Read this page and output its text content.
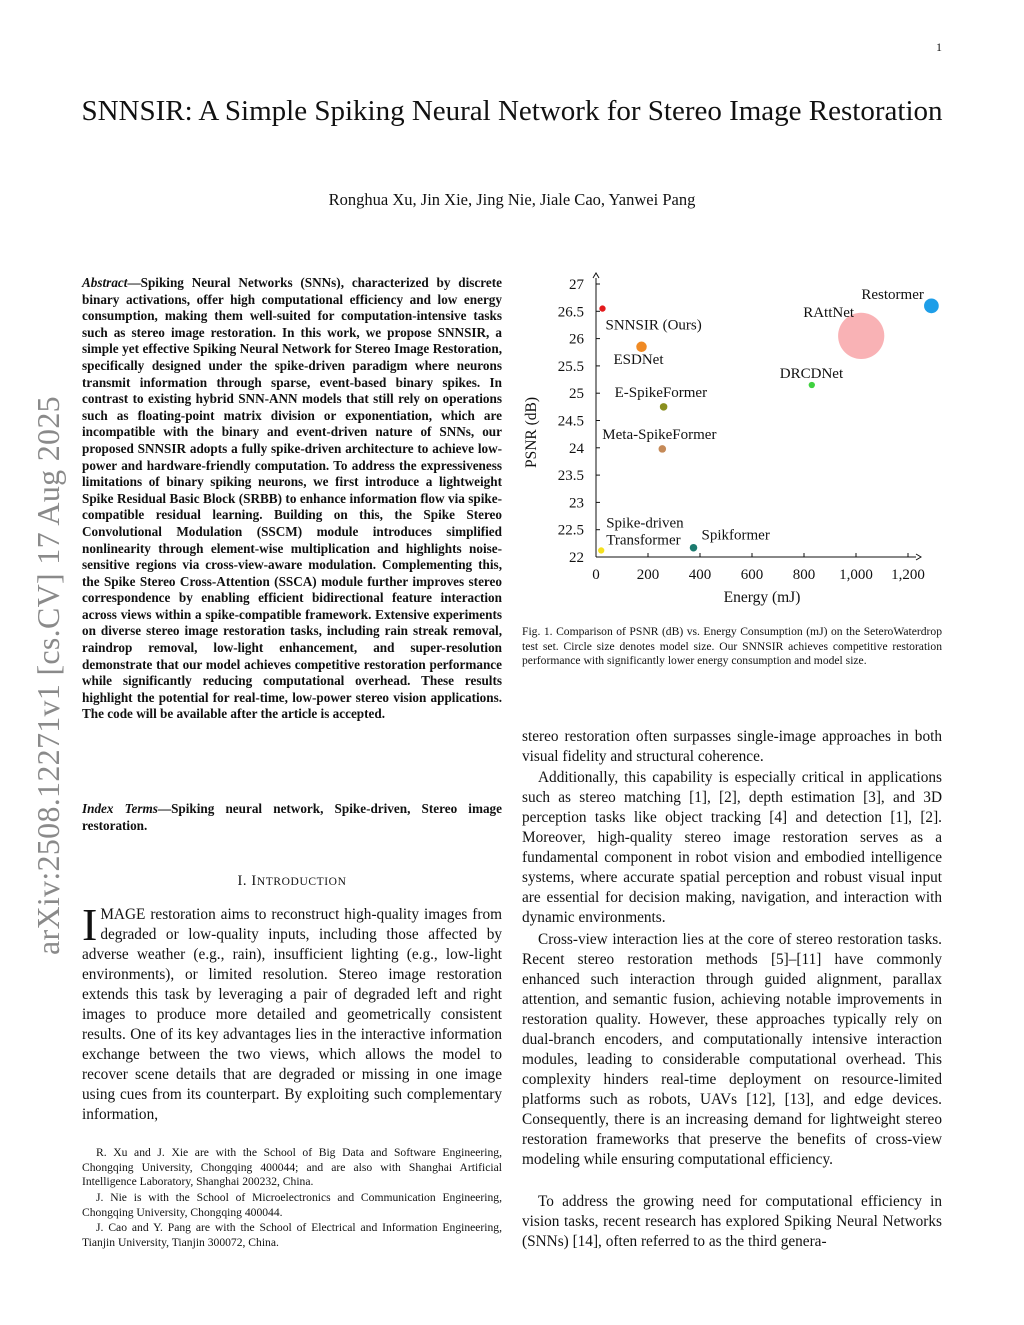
1
arXiv:2508.12271v1 [cs.CV] 17 Aug 2025
SNNSIR: A Simple Spiking Neural Network for Stereo Image Restoration
Ronghua Xu, Jin Xie, Jing Nie, Jiale Cao, Yanwei Pang
Abstract—Spiking Neural Networks (SNNs), characterized by discrete binary activations, offer high computational efficiency and low energy consumption, making them well-suited for computation-intensive tasks such as stereo image restoration. In this work, we propose SNNSIR, a simple yet effective Spiking Neural Network for Stereo Image Restoration, specifically designed under the spike-driven paradigm where neurons transmit information through sparse, event-based binary spikes. In contrast to existing hybrid SNN-ANN models that still rely on operations such as floating-point matrix division or exponentiation, which are incompatible with the binary and event-driven nature of SNNs, our proposed SNNSIR adopts a fully spike-driven architecture to achieve low-power and hardware-friendly computation. To address the expressiveness limitations of binary spiking neurons, we first introduce a lightweight Spike Residual Basic Block (SRBB) to enhance information flow via spike-compatible residual learning. Building on this, the Spike Stereo Convolutional Modulation (SSCM) module introduces simplified nonlinearity through element-wise multiplication and highlights noise-sensitive regions via cross-view-aware modulation. Complementing this, the Spike Stereo Cross-Attention (SSCA) module further improves stereo correspondence by enabling efficient bidirectional feature interaction across views within a spike-compatible framework. Extensive experiments on diverse stereo image restoration tasks, including rain streak removal, raindrop removal, low-light enhancement, and super-resolution demonstrate that our model achieves competitive restoration performance while significantly reducing computational overhead. These results highlight the potential for real-time, low-power stereo vision applications. The code will be available after the article is accepted.
Index Terms—Spiking neural network, Spike-driven, Stereo image restoration.
I. INTRODUCTION
IMAGE restoration aims to reconstruct high-quality images from degraded or low-quality inputs, including those affected by adverse weather (e.g., rain), insufficient lighting (e.g., low-light environments), or limited resolution. Stereo image restoration extends this task by leveraging a pair of degraded left and right images to produce more detailed and geometrically consistent results. One of its key advantages lies in the interactive information exchange between the two views, which allows the model to recover scene details that are degraded or missing in one image using cues from its counterpart. By exploiting such complementary information,
R. Xu and J. Xie are with the School of Big Data and Software Engineering, Chongqing University, Chongqing 400044; and are also with Shanghai Artificial Intelligence Laboratory, Shanghai 200232, China.
J. Nie is with the School of Microelectronics and Communication Engineering, Chongqing University, Chongqing 400044.
J. Cao and Y. Pang are with the School of Electrical and Information Engineering, Tianjin University, Tianjin 300072, China.
0 200 400 600 800 1,000 1,200
22
22.5
23
23.5
24
24.5
25
25.5
26
26.5
27
Energy (mJ)
PSNR (dB)
SNNSIR (Ours)
ESDNet
E-SpikeFormer
Meta-SpikeFormer
Spike-driven
Transformer Spikformer
DRCDNet
RAttNet
Restormer
Fig. 1. Comparison of PSNR (dB) vs. Energy Consumption (mJ) on the SeteroWaterdrop test set. Circle size denotes model size. Our SNNSIR achieves competitive restoration performance with significantly lower energy consumption and model size.
stereo restoration often surpasses single-image approaches in both visual fidelity and structural coherence.
Additionally, this capability is especially critical in applications such as stereo matching [1], [2], depth estimation [3], and 3D perception tasks like object tracking [4] and detection [1], [2]. Moreover, high-quality stereo image restoration serves as a fundamental component in robot vision and embodied intelligence systems, where accurate spatial perception and robust visual input are essential for decision making, navigation, and interaction with dynamic environments.
Cross-view interaction lies at the core of stereo restoration tasks. Recent stereo restoration methods [5]–[11] have commonly enhanced such interaction through guided alignment, parallax attention, and semantic fusion, achieving notable improvements in restoration quality. However, these approaches typically rely on dual-branch encoders, and computationally intensive interaction modules, leading to considerable computational overhead. This complexity hinders real-time deployment on resource-limited platforms such as robots, UAVs [12], [13], and edge devices. Consequently, there is an increasing demand for lightweight stereo restoration frameworks that preserve the benefits of cross-view modeling while ensuring computational efficiency.
To address the growing need for computational efficiency in vision tasks, recent research has explored Spiking Neural Networks (SNNs) [14], often referred to as the third genera-
